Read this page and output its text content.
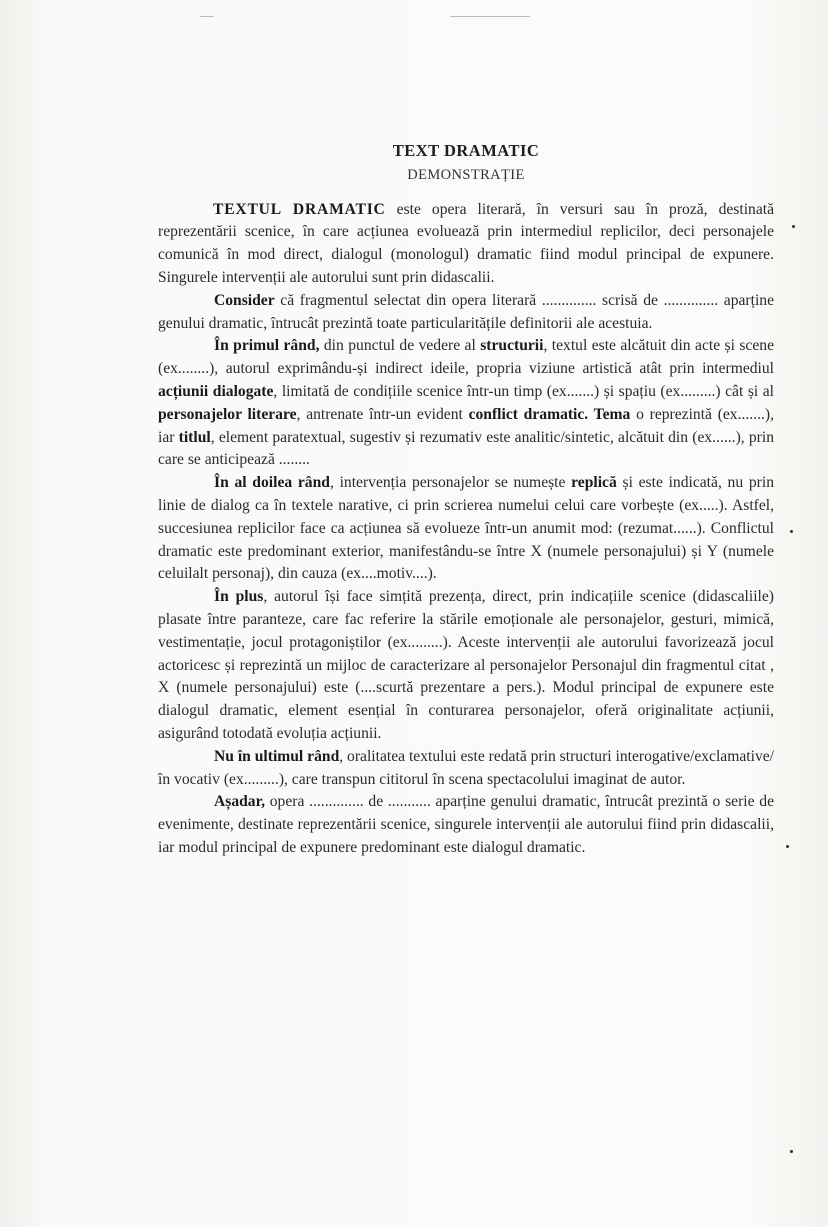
TEXT DRAMATIC
DEMONSTRAȚIE

TEXTUL DRAMATIC este opera literară, în versuri sau în proză, destinată reprezentării scenice, în care acțiunea evoluează prin intermediul replicilor, deci personajele comunică în mod direct, dialogul (monologul) dramatic fiind modul principal de expunere. Singurele intervenții ale autorului sunt prin didascalii.

Consider că fragmentul selectat din opera literară .............. scrisă de .............. aparține genului dramatic, întrucât prezintă toate particularitățile definitorii ale acestuia.

În primul rând, din punctul de vedere al structurii, textul este alcătuit din acte și scene (ex........), autorul exprimându-și indirect ideile, propria viziune artistică atât prin intermediul acțiunii dialogate, limitată de condițiile scenice într-un timp (ex.......) și spațiu (ex.........) cât și al personajelor literare, antrenate într-un evident conflict dramatic. Tema o reprezintă (ex.......), iar titlul, element paratextual, sugestiv și rezumativ este analitic/sintetic, alcătuit din (ex......), prin care se anticipează ........

În al doilea rând, intervenția personajelor se numește replică și este indicată, nu prin linie de dialog ca în textele narative, ci prin scrierea numelui celui care vorbește (ex.....). Astfel, succesiunea replicilor face ca acțiunea să evolueze într-un anumit mod: (rezumat......). Conflictul dramatic este predominant exterior, manifestându-se între X (numele personajului) și Y (numele celuilalt personaj), din cauza (ex....motiv....).

În plus, autorul își face simțită prezența, direct, prin indicațiile scenice (didascaliile) plasate între paranteze, care fac referire la stările emoționale ale personajelor, gesturi, mimică, vestimentație, jocul protagoniștilor (ex.........). Aceste intervenții ale autorului favorizează jocul actoricesc și reprezintă un mijloc de caracterizare al personajelor Personajul din fragmentul citat , X (numele personajului) este (....scurtă prezentare a pers.). Modul principal de expunere este dialogul dramatic, element esențial în conturarea personajelor, oferă originalitate acțiunii, asigurând totodată evoluția acțiunii.

Nu în ultimul rând, oralitatea textului este redată prin structuri interogative/exclamative/în vocativ (ex.........), care transpun cititorul în scena spectacolului imaginat de autor.

Așadar, opera .............. de ........... aparține genului dramatic, întrucât prezintă o serie de evenimente, destinate reprezentării scenice, singurele intervenții ale autorului fiind prin didascalii, iar modul principal de expunere predominant este dialogul dramatic.
